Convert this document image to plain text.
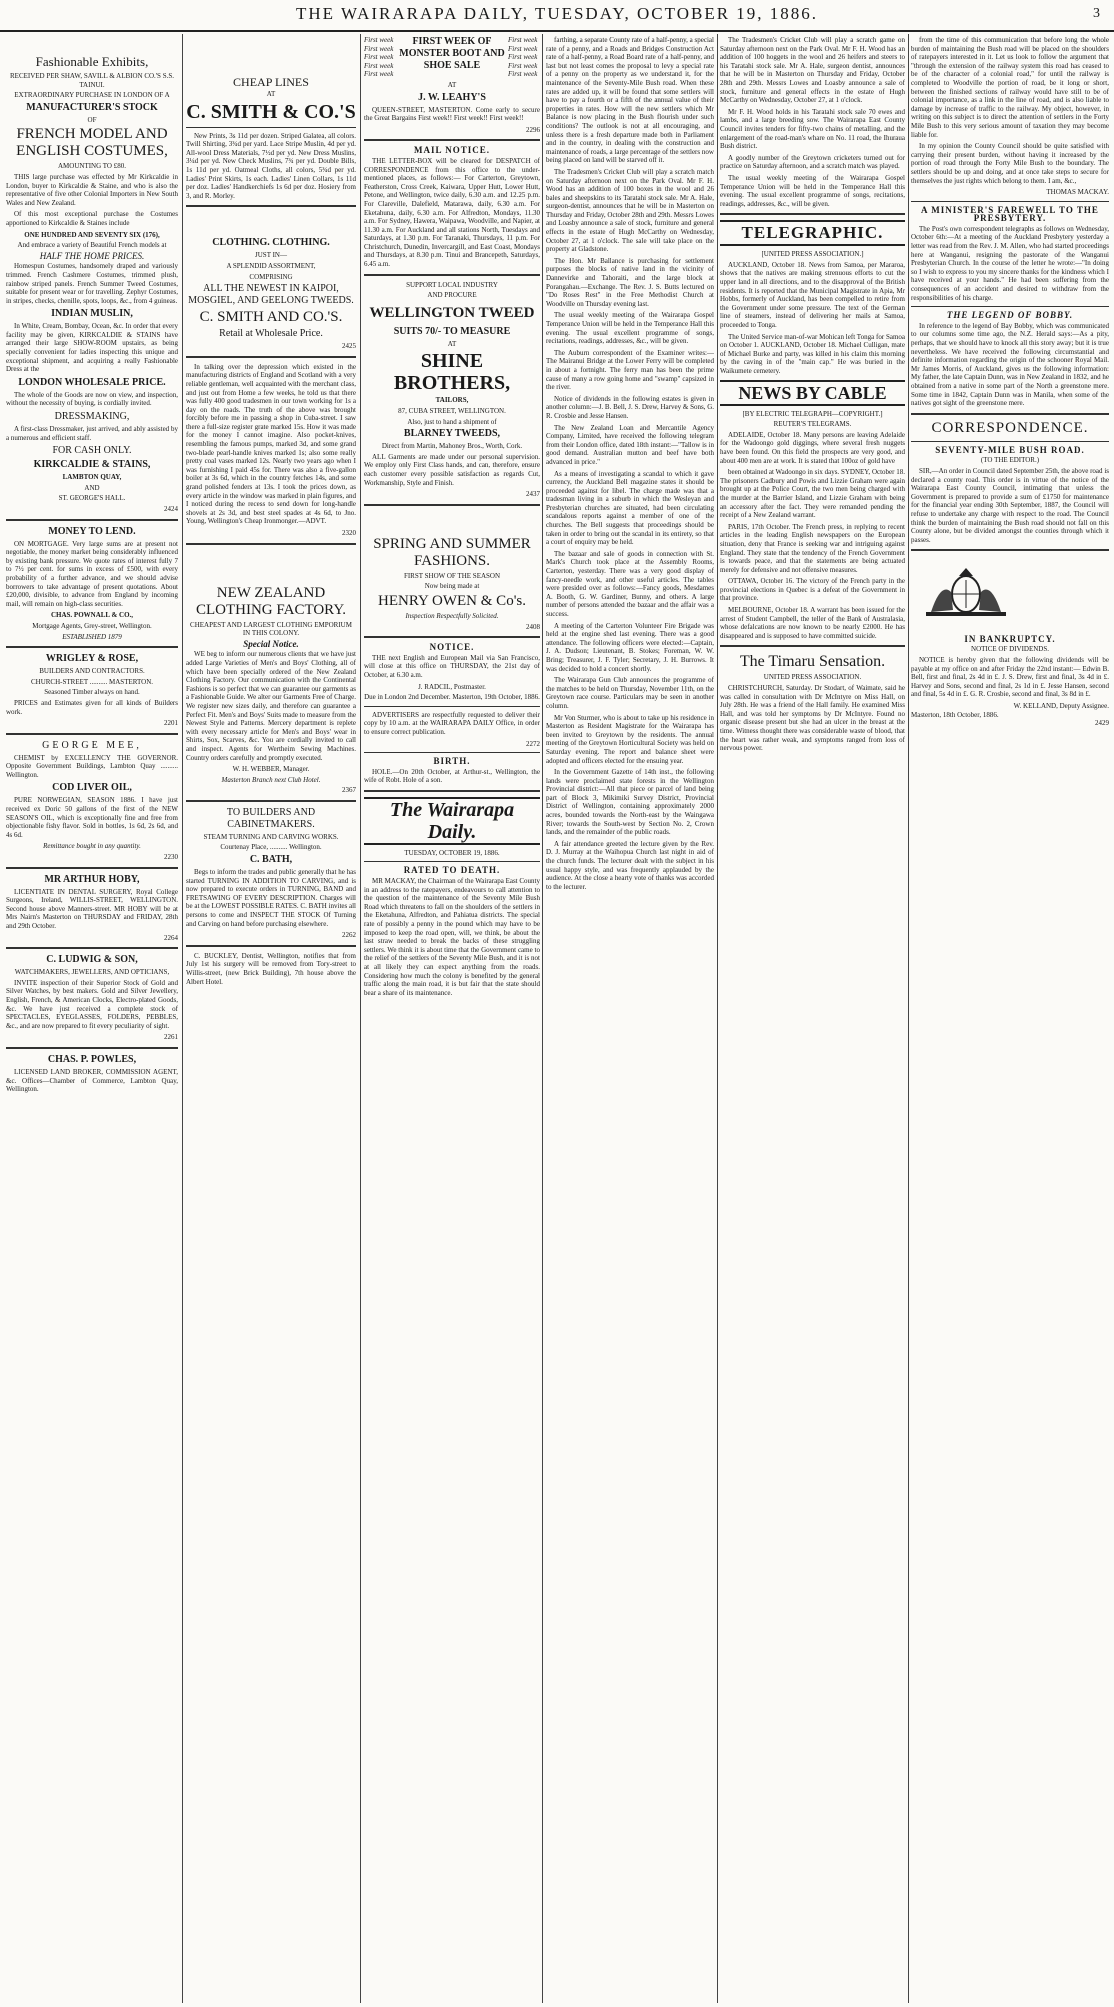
THE WAIRARAPA DAILY, TUESDAY, OCTOBER 19, 1886.	3
Fashionable Exhibits,
RECEIVED PER SHAW, SAVILL & ALBION CO.'S S.S. TAINUI.
EXTRAORDINARY PURCHASE IN LONDON OF A
MANUFACTURER'S STOCK
OF
FRENCH MODEL AND ENGLISH COSTUMES,
AMOUNTING TO £80.

THIS large purchase was effected by Mr Kirkcaldie in London, buyer to Kirkcaldie & Staine, and who is also the representative of five other Colonial Importers in New South Wales and New Zealand.

Of this most exceptional purchase the Costumes apportioned to Kirkcaldie & Staines include

ONE HUNDRED AND SEVENTY SIX (176),
And embrace a variety of Beautiful French models at
HALF THE HOME PRICES.

Homespun Costumes, handsomely draped and variously trimmed. French Cashmere Costumes, trimmed plush, rainbow striped panels. French Summer Tweed Costumes, suitable for present wear or for travelling. Zephyr Costumes, in stripes, checks, chenille, spots, loops, &c., from 4 guineas.

INDIAN MUSLIN,

In White, Cream, Bombay, Ocean, &c. In order that every facility may be given, KIRKCALDIE & STAINS have arranged their large SHOW-ROOM upstairs, as being specially convenient for ladies inspecting this unique and exceptional shipment, and acquiring a really Fashionable Dress at the

LONDON WHOLESALE PRICE.

The whole of the Goods are now on view, and inspection, without the necessity of buying, is cordially invited.

DRESSMAKING,

A first-class Dressmaker, just arrived, and ably assisted by a numerous and efficient staff.

FOR CASH ONLY.
KIRKCALDIE & STAINS,
LAMBTON QUAY,
AND
ST. GEORGE'S HALL.
2424
MONEY TO LEND.

ON MORTGAGE. Very large sums are at present not negotiable, the money market being considerably influenced by existing bank pressure. We quote rates of interest fully 7 to 7½ per cent. for sums in excess of £500, with every probability of a further advance, and we should advise borrowers to take advantage of present quotations. About £20,000, divisible, to advance from England by incoming mail, will remain on high-class securities.

CHAS. POWNALL & CO.,
Mortgage Agents, Grey-street, Wellington.
ESTABLISHED 1879
WRIGLEY & ROSE,
BUILDERS AND CONTRACTORS.
CHURCH-STREET .......... MASTERTON.
Seasoned Timber always on hand.

PRICES and Estimates given for all kinds of Builders work.

2201
GEORGE MEE,

CHEMIST by EXCELLENCY THE GOVERNOR. Opposite Government Buildings, Lambton Quay .......... Wellington.

COD LIVER OIL,

PURE NORWEGIAN, SEASON 1886. I have just received ex Doric 50 gallons of the first of the NEW SEASON'S OIL, which is exceptionally fine and free from objectionable fishy flavor. Sold in bottles, 1s 6d, 2s 6d, and 4s 6d.

Remittance bought in any quantity.
2230
MR ARTHUR HOBY,

LICENTIATE IN DENTAL SURGERY, Royal College Surgeons, Ireland, WILLIS-STREET, WELLINGTON. Second house above Manners-street. MR HOBY will be at Mrs Nairn's Masterton on THURSDAY and FRIDAY, 28th and 29th October.

2264
C. LUDWIG & SON,
WATCHMAKERS, JEWELLERS, AND OPTICIANS,

INVITE inspection of their Superior Stock of Gold and Silver Watches, by best makers. Gold and Silver Jewellery, English, French, & American Clocks, Electro-plated Goods, &c. We have just received a complete stock of SPECTACLES, EYEGLASSES, FOLDERS, PEBBLES, &c., and are now prepared to fit every peculiarity of sight.

2261
CHAS. P. POWLES,

LICENSED LAND BROKER, COMMISSION AGENT, &c. Offices—Chamber of Commerce, Lambton Quay, Wellington.

CHEAP LINES
AT
C. SMITH & CO.'S

New Prints, 3s 11d per dozen. Striped Galatea, all colors. Twill Shirting, 3¾d per yard. Lace Stripe Muslin, 4d per yd. All-wool Dress Materials, 7½d per yd. New Dress Muslins, 3¼d per yd. New Check Muslins, 7¾ per yd. Double Bills, 1s 11d per yd. Oatmeal Cloths, all colors, 5¾d per yd. Ladies' Print Skirts, 1s each. Ladies' Linen Collars, 1s 11d per doz. Ladies' Handkerchiefs 1s 6d per doz. Hosiery from 3, and R. Morley.

CLOTHING. CLOTHING.
JUST IN—
A SPLENDID ASSORTMENT,
COMPRISING
ALL THE NEWEST IN KAIPOI, MOSGIEL, AND GEELONG TWEEDS.
C. SMITH AND CO.'S.
Retail at Wholesale Price.
2425

In talking over the depression which existed in the manufacturing districts of England and Scotland with a very reliable gentleman, well acquainted with the merchant class, and just out from Home a few weeks, he told us that there was fully 400 good tradesmen in our town working for 1s a day on the roads. The truth of the above was brought forcibly before me in passing a shop in Cuba-street. I saw there a full-size register grate marked 15s. How it was made for the money I cannot imagine. Also pocket-knives, resembling the famous pumps, marked 3d, and some grand two-blade pearl-handle knives marked 1s; also some really pretty coal vases marked 12s. Nearly two years ago when I was furnishing I paid 45s for. There was also a five-gallon boiler at 3s 6d, which in the country fetches 14s, and some grand polished fenders at 13s. I took the prices down, as every article in the window was marked in plain figures, and I noticed during the recess to send down for long-handle shovels at 2s 3d, and best steel spades at 4s 6d, to Jno. Young, Wellington's Cheap Ironmonger.—ADVT.

2320
NEW ZEALAND CLOTHING FACTORY.
CHEAPEST AND LARGEST CLOTHING EMPORIUM IN THIS COLONY.
Special Notice.

WE beg to inform our numerous clients that we have just added Large Varieties of Men's and Boys' Clothing, all of which have been specially ordered of the New Zealand Clothing Factory. Our communication with the Continental Fashions is so perfect that we can guarantee our garments as a Fashionable Guide. We alter our Garments Free of Charge. We register new sizes daily, and therefore can guarantee a Perfect Fit. Men's and Boys' Suits made to measure from the Newest Style and Patterns. Mercery department is replete with every necessary article for Men's and Boys' wear in Shirts, Sox, Scarves, &c. You are cordially invited to call and inspect. Agents for Wertheim Sewing Machines. Country orders carefully and promptly executed.

W. H. WEBBER, Manager.
Masterton Branch next Club Hotel.
2367
TO BUILDERS AND CABINETMAKERS.
STEAM TURNING AND CARVING WORKS.
Courtenay Place, .......... Wellington.
C. BATH,

Begs to inform the trades and public generally that he has started TURNING IN ADDITION TO CARVING, and is now prepared to execute orders in TURNING, BAND and FRETSAWING OF EVERY DESCRIPTION. Charges will be at the LOWEST POSSIBLE RATES. C. BATH invites all persons to come and INSPECT THE STOCK Of Turning and Carving on hand before purchasing elsewhere.

2262

C. BUCKLEY, Dentist, Wellington, notifies that from July 1st his surgery will be removed from Tory-street to Willis-street, (new Brick Building), 7th house above the Albert Hotel.

First week First week First week First week First week
FIRST WEEK OF MONSTER BOOT AND SHOE SALE
First week First week First week First week First week
AT
J. W. LEAHY'S

QUEEN-STREET, MASTERTON. Come early to secure the Great Bargains First week!! First week!! First week!!

2296
MAIL NOTICE.

THE LETTER-BOX will be cleared for DESPATCH of CORRESPONDENCE from this office to the under-mentioned places, as follows:— For Carterton, Greytown, Featherston, Cross Creek, Kaiwara, Upper Hutt, Lower Hutt, Petone, and Wellington, twice daily, 6.30 a.m. and 12.25 p.m. For Clareville, Dalefield, Matarawa, daily, 6.30 a.m. For Eketahuna, daily, 6.30 a.m. For Alfredton, Mondays, 11.30 a.m. For Sydney, Hawera, Waipawa, Woodville, and Napier, at 11.30 a.m. For Auckland and all stations North, Tuesdays and Saturdays, at 1.30 p.m. For Taranaki, Thursdays, 11 p.m. For Christchurch, Dunedin, Invercargill, and East Coast, Mondays and Thursdays, at 8.30 p.m. Tinui and Brancepeth, Saturdays, 6.45 a.m.

SUPPORT LOCAL INDUSTRY
AND PROCURE
WELLINGTON TWEED
SUITS 70/- TO MEASURE
AT
SHINE BROTHERS,
TAILORS,
87, CUBA STREET, WELLINGTON.
Also, just to hand a shipment of
BLARNEY TWEEDS,
Direct from Martin, Mahoney Bros., Worth, Cork.

ALL Garments are made under our personal supervision. We employ only First Class hands, and can, therefore, ensure each customer every possible satisfaction as regards Cut, Workmanship, Style and Finish.

2437
SPRING AND SUMMER FASHIONS.
FIRST SHOW OF THE SEASON
Now being made at
HENRY OWEN & Co's.
Inspection Respectfully Solicited.
2408
NOTICE.

THE next English and European Mail via San Francisco, will close at this office on THURSDAY, the 21st day of October, at 6.30 a.m.

J. RADCIL, Postmaster.
Due in London 2nd December. Masterton, 19th October, 1886.

ADVERTISERS are respectfully requested to deliver their copy by 10 a.m. at the WAIRARAPA DAILY Office, in order to ensure correct publication.

2272
BIRTH.

HOLE.—On 20th October, at Arthur-st., Wellington, the wife of Robt. Hole of a son.

The Wairarapa Daily.
TUESDAY, OCTOBER 19, 1886.
RATED TO DEATH.

MR MACKAY, the Chairman of the Wairarapa East County in an address to the ratepayers, endeavours to call attention to the question of the maintenance of the Seventy Mile Bush Road which threatens to fall on the shoulders of the settlers in the Eketahuna, Alfredton, and Pahiatua districts. The special rate of possibly a penny in the pound which may have to be imposed to keep the road open, will, we think, be about the last straw needed to break the backs of these struggling settlers. We think it is about time that the Government came to the relief of the settlers of the Seventy Mile Bush, and it is not at all likely they can expect anything from the roads. Considering how much the colony is benefited by the general traffic along the main road, it is but fair that the state should bear a share of its maintenance.

farthing, a separate County rate of a half-penny, a special rate of a penny, and a Roads and Bridges Construction Act rate of a half-penny, a Road Board rate of a half-penny, and last but not least comes the proposal to levy a special rate of a penny on the property as we understand it, for the maintenance of the Seventy-Mile Bush road. When these rates are added up, it will be found that some settlers will have to pay a fourth or a fifth of the annual value of their properties in rates. How will the new settlers which Mr Balance is now placing in the Bush flourish under such conditions? The outlook is not at all encouraging, and unless there is a fresh departure made both in Parliament and in the country, in dealing with the construction and maintenance of roads, a large percentage of the settlers now being placed on land will be starved off it.

The Tradesmen's Cricket Club will play a scratch match on Saturday afternoon next on the Park Oval. Mr F. H. Wood has an addition of 100 boxes in the wool and 26 bales and sheepskins to its Taratahi stock sale. Mr A. Hale, surgeon-dentist, announces that he will be in Masterton on Thursday and Friday, October 28th and 29th. Messrs Lowes and Loasby announce a sale of stock, furniture and general effects in the estate of Hugh McCarthy on Wednesday, October 27, at 1 o'clock. The sale will take place on the property at Gladstone.

The Hon. Mr Ballance is purchasing for settlement purposes the blocks of native land in the vicinity of Dannevirke and Tahoraiti, and the large block at Porangahau.—Exchange. The Rev. J. S. Butts lectured on "Do Roses Rest" in the Free Methodist Church at Woodville on Thursday evening last.

The usual weekly meeting of the Wairarapa Gospel Temperance Union will be held in the Temperance Hall this evening. The usual excellent programme of songs, recitations, readings, addresses, &c., will be given.

The Auburn correspondent of the Examiner writes:—The Mairanui Bridge at the Lower Ferry will be completed in about a fortnight. The ferry man has been the prime cause of many a row going home and "swamp" capsized in the river.

Notice of dividends in the following estates is given in another column:—J. B. Bell, J. S. Drew, Harvey & Sons, G. R. Crosbie and Jesse Hansen.

The New Zealand Loan and Mercantile Agency Company, Limited, have received the following telegram from their London office, dated 18th instant:—"Tallow is in good demand. Australian mutton and beef have both advanced in price."

As a means of investigating a scandal to which it gave currency, the Auckland Bell magazine states it should be proceeded against for libel. The charge made was that a tradesman living in a suburb in which the Wesleyan and Presbyterian churches are situated, had been circulating scandalous reports against a member of one of the churches. The Bell suggests that proceedings should be taken in order to bring out the scandal in its entirety, so that a court of enquiry may be held.

The bazaar and sale of goods in connection with St. Mark's Church took place at the Assembly Rooms, Carterton, yesterday. There was a very good display of fancy-needle work, and other useful articles. The tables were presided over as follows:—Fancy goods, Mesdames A. Booth, G. W. Gardiner, Bunny, and others. A large number of persons attended the bazaar and the affair was a success.

A meeting of the Carterton Volunteer Fire Brigade was held at the engine shed last evening. There was a good attendance. The following officers were elected:—Captain, J. A. Dudson; Lieutenant, B. Stokes; Foreman, W. W. Bring; Treasurer, J. F. Tyler; Secretary, J. H. Burrows. It was decided to hold a concert shortly.

The Wairarapa Gun Club announces the programme of the matches to be held on Thursday, November 11th, on the Greytown race course. Particulars may be seen in another column.

Mr Von Sturmer, who is about to take up his residence in Masterton as Resident Magistrate for the Wairarapa has been invited to Greytown by the residents. The annual meeting of the Greytown Horticultural Society was held on Saturday evening. The report and balance sheet were adopted and officers elected for the ensuing year.

In the Government Gazette of 14th inst., the following lands were proclaimed state forests in the Wellington Provincial district:—All that piece or parcel of land being part of Block 3, Mikimiki Survey District, Provincial District of Wellington, containing approximately 2000 acres, bounded towards the North-east by the Waingawa River; towards the South-west by Section No. 2, Crown lands, and the remainder of the public roads.

A fair attendance greeted the lecture given by the Rev. D. J. Murray at the Waihopua Church last night in aid of the church funds. The lecturer dealt with the subject in his usual happy style, and was frequently applauded by the audience. At the close a hearty vote of thanks was accorded to the lecturer.

The Tradesmen's Cricket Club will play a scratch game on Saturday afternoon next on the Park Oval. Mr F. H. Wood has an addition of 100 hoggets in the wool and 26 heifers and steers to his Taratahi stock sale. Mr A. Hale, surgeon dentist, announces that he will be in Masterton on Thursday and Friday, October 28th and 29th. Messrs Lowes and Loasby announce a sale of stock, furniture and general effects in the estate of Hugh McCarthy on Wednesday, October 27, at 1 o'clock.

Mr F. H. Wood holds in his Taratahi stock sale 70 ewes and lambs, and a large breeding sow. The Wairarapa East County Council invites tenders for fifty-two chains of metalling, and the enlargement of the road-man's whare on No. 11 road, the Ihuraua Bush district.

A goodly number of the Greytown cricketers turned out for practice on Saturday afternoon, and a scratch match was played.

The usual weekly meeting of the Wairarapa Gospel Temperance Union will be held in the Temperance Hall this evening. The usual excellent programme of songs, recitations, readings, addresses, &c., will be given.

TELEGRAPHIC.
[UNITED PRESS ASSOCIATION.]

AUCKLAND, October 18. News from Samoa, per Mararoa, shows that the natives are making strenuous efforts to cut the upper land in all directions, and to the disapproval of the British residents. It is reported that the Municipal Magistrate in Apia, Mr Hobbs, formerly of Auckland, has been compelled to retire from the Government under some pressure. The text of the German line of steamers, instead of delivering her mails at Samoa, proceeded to Tonga.

The United Service man-of-war Mohican left Tonga for Samoa on October 1. AUCKLAND, October 18. Michael Culligan, mate of Michael Burke and party, was killed in his claim this morning by the caving in of the "main cap." He was buried in the Waikumete cemetery.

NEWS BY CABLE
[BY ELECTRIC TELEGRAPH—COPYRIGHT.]
REUTER'S TELEGRAMS.

ADELAIDE, October 18. Many persons are leaving Adelaide for the Wadoongo gold diggings, where several fresh nuggets have been found. On this field the prospects are very good, and about 400 men are at work. It is stated that 100oz of gold have

been obtained at Wadoongo in six days. SYDNEY, October 18. The prisoners Cadbury and Powis and Lizzie Graham were again brought up at the Police Court, the two men being charged with the murder at the Barrier Island, and Lizzie Graham with being an accessory after the fact. They were remanded pending the receipt of a New Zealand warrant.

PARIS, 17th October. The French press, in replying to recent articles in the leading English newspapers on the European situation, deny that France is seeking war and intriguing against England. They state that the tendency of the French Government is towards peace, and that the statements are being actuated merely for defensive and not offensive measures.

OTTAWA, October 16. The victory of the French party in the provincial elections in Quebec is a defeat of the Government in that province.

MELBOURNE, October 18. A warrant has been issued for the arrest of Student Campbell, the teller of the Bank of Australasia, whose defalcations are now known to be nearly £2000. He has disappeared and is supposed to have committed suicide.

The Timaru Sensation.
UNITED PRESS ASSOCIATION.

CHRISTCHURCH, Saturday. Dr Stodart, of Waimate, said he was called in consultation with Dr McIntyre on Miss Hall, on July 28th. He was a friend of the Hall family. He examined Miss Hall, and was told her symptoms by Dr McIntyre. Found no organic disease present but she had an ulcer in the breast at the time. Witness thought there was considerable waste of blood, that the heart was rather weak, and symptoms ranged from loss of nervous power.

from the time of this communication that before long the whole burden of maintaining the Bush road will be placed on the shoulders of ratepayers interested in it. Let us look to follow the argument that "through the extension of the railway system this road has ceased to be of the character of a colonial road," for until the railway is completed to Woodville the portion of road, be it long or short, between the finished sections of railway would have still to be of colonial importance, as a link in the line of road, and is also liable to damage by increase of traffic to the railway. My object, however, in writing on this subject is to direct the attention of settlers in the Forty Mile Bush to this very serious amount of taxation they may become liable for.

In my opinion the County Council should be quite satisfied with carrying their present burden, without having it increased by the portion of road through the Forty Mile Bush to the boundary. The settlers should be up and doing, and at once take steps to secure for themselves the just rights which belong to them. I am, &c.,

THOMAS MACKAY.
A MINISTER'S FAREWELL TO THE PRESBYTERY.

The Post's own correspondent telegraphs as follows on Wednesday, October 6th:—At a meeting of the Auckland Presbytery yesterday a letter was read from the Rev. J. M. Allen, who had started proceedings here at Wanganui, resigning the pastorate of the Wanganui Presbyterian Church. In the course of the letter he wrote:—"In doing so I wish to express to you my sincere thanks for the kindness which I have received at your hands." He had been suffering from the consequences of an accident and desired to withdraw from the responsibilities of his charge.

THE LEGEND OF BOBBY.

In reference to the legend of Bay Bobby, which was communicated to our columns some time ago, the N.Z. Herald says:—As a pity, perhaps, that we should have to knock all this story away; but it is true nevertheless. We have received the following circumstantial and definite information regarding the origin of the schooner Royal Mail. Mr James Morris, of Auckland, gives us the following information: My father, the late Captain Dunn, was in New Zealand in 1832, and he obtained from a native in some part of the North a greenstone mere. Some time in 1842, Captain Dunn was in Manila, when some of the natives got sight of the greenstone mere.

CORRESPONDENCE.
SEVENTY-MILE BUSH ROAD.
(TO THE EDITOR.)

SIR,—An order in Council dated September 25th, the above road is declared a county road. This order is in virtue of the notice of the Wairarapa East County Council, intimating that unless the Government is prepared to provide a sum of £1750 for maintenance for the financial year ending 30th September, 1887, the Council will refuse to undertake any charge with respect to the road. The Council think the burden of maintaining the Bush road should not fall on this County alone, but be divided amongst the counties through which it passes.

IN BANKRUPTCY.
NOTICE OF DIVIDENDS.

NOTICE is hereby given that the following dividends will be payable at my office on and after Friday the 22nd instant:— Edwin B. Bell, first and final, 2s 4d in £. J. S. Drew, first and final, 3s 4d in £. Harvey and Sons, second and final, 2s 1d in £. Jesse Hansen, second and final, 5s 4d in £. G. R. Crosbie, second and final, 3s 8d in £.

W. KELLAND, Deputy Assignee.
Masterton, 18th October, 1886.
2429
